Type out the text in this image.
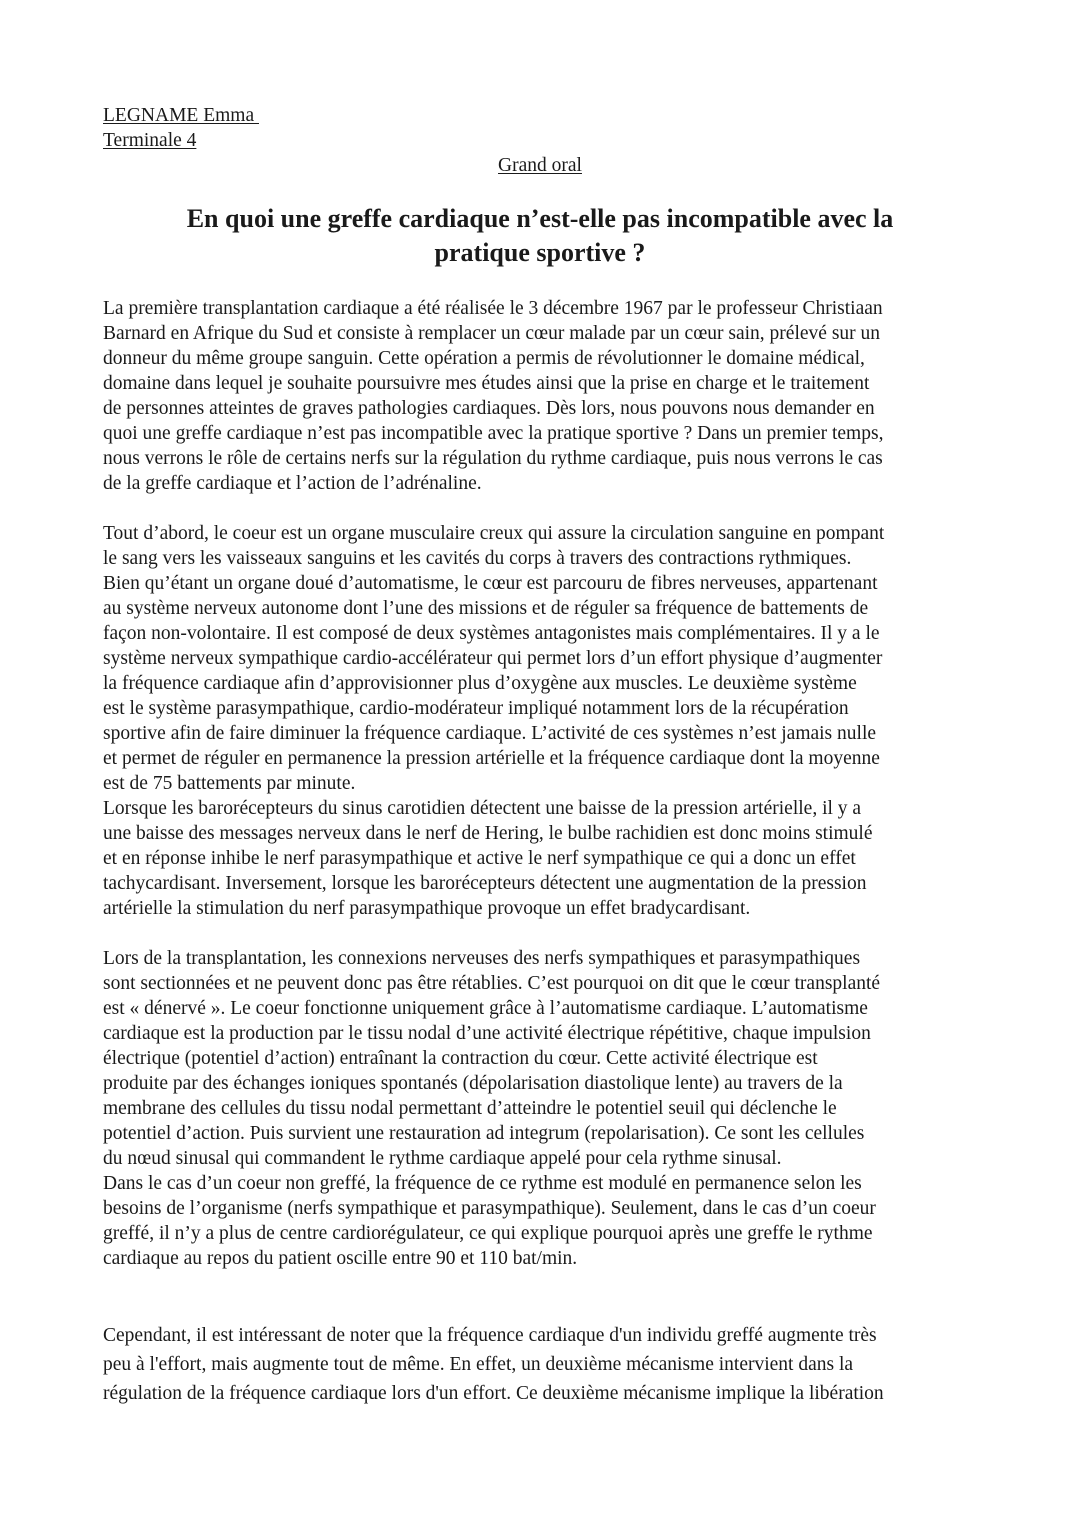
LEGNAME Emma
Terminale 4
Grand oral
En quoi une greffe cardiaque n’est-elle pas incompatible avec la
pratique sportive ?

La première transplantation cardiaque a été réalisée le 3 décembre 1967 par le professeur Christiaan
Barnard en Afrique du Sud et consiste à remplacer un cœur malade par un cœur sain, prélevé sur un
donneur du même groupe sanguin. Cette opération a permis de révolutionner le domaine médical,
domaine dans lequel je souhaite poursuivre mes études ainsi que la prise en charge et le traitement
de personnes atteintes de graves pathologies cardiaques. Dès lors, nous pouvons nous demander en
quoi une greffe cardiaque n’est pas incompatible avec la pratique sportive ? Dans un premier temps,
nous verrons le rôle de certains nerfs sur la régulation du rythme cardiaque, puis nous verrons le cas
de la greffe cardiaque et l’action de l’adrénaline.

Tout d’abord, le coeur est un organe musculaire creux qui assure la circulation sanguine en pompant
le sang vers les vaisseaux sanguins et les cavités du corps à travers des contractions rythmiques.
Bien qu’étant un organe doué d’automatisme, le cœur est parcouru de fibres nerveuses, appartenant
au système nerveux autonome dont l’une des missions et de réguler sa fréquence de battements de
façon non-volontaire. Il est composé de deux systèmes antagonistes mais complémentaires. Il y a le
système nerveux sympathique cardio-accélérateur qui permet lors d’un effort physique d’augmenter
la fréquence cardiaque afin d’approvisionner plus d’oxygène aux muscles. Le deuxième système
est le système parasympathique, cardio-modérateur impliqué notamment lors de la récupération
sportive afin de faire diminuer la fréquence cardiaque. L’activité de ces systèmes n’est jamais nulle
et permet de réguler en permanence la pression artérielle et la fréquence cardiaque dont la moyenne
est de 75 battements par minute.
Lorsque les barorécepteurs du sinus carotidien détectent une baisse de la pression artérielle, il y a
une baisse des messages nerveux dans le nerf de Hering, le bulbe rachidien est donc moins stimulé
et en réponse inhibe le nerf parasympathique et active le nerf sympathique ce qui a donc un effet
tachycardisant. Inversement, lorsque les barorécepteurs détectent une augmentation de la pression
artérielle la stimulation du nerf parasympathique provoque un effet bradycardisant.

Lors de la transplantation, les connexions nerveuses des nerfs sympathiques et parasympathiques
sont sectionnées et ne peuvent donc pas être rétablies. C’est pourquoi on dit que le cœur transplanté
est « dénervé ». Le coeur fonctionne uniquement grâce à l’automatisme cardiaque. L’automatisme
cardiaque est la production par le tissu nodal d’une activité électrique répétitive, chaque impulsion
électrique (potentiel d’action) entraînant la contraction du cœur. Cette activité électrique est
produite par des échanges ioniques spontanés (dépolarisation diastolique lente) au travers de la
membrane des cellules du tissu nodal permettant d’atteindre le potentiel seuil qui déclenche le
potentiel d’action. Puis survient une restauration ad integrum (repolarisation). Ce sont les cellules
du nœud sinusal qui commandent le rythme cardiaque appelé pour cela rythme sinusal.
Dans le cas d’un coeur non greffé, la fréquence de ce rythme est modulé en permanence selon les
besoins de l’organisme (nerfs sympathique et parasympathique). Seulement, dans le cas d’un coeur
greffé, il n’y a plus de centre cardiorégulateur, ce qui explique pourquoi après une greffe le rythme
cardiaque au repos du patient oscille entre 90 et 110 bat/min.

Cependant, il est intéressant de noter que la fréquence cardiaque d'un individu greffé augmente très
peu à l'effort, mais augmente tout de même. En effet, un deuxième mécanisme intervient dans la
régulation de la fréquence cardiaque lors d'un effort. Ce deuxième mécanisme implique la libération
